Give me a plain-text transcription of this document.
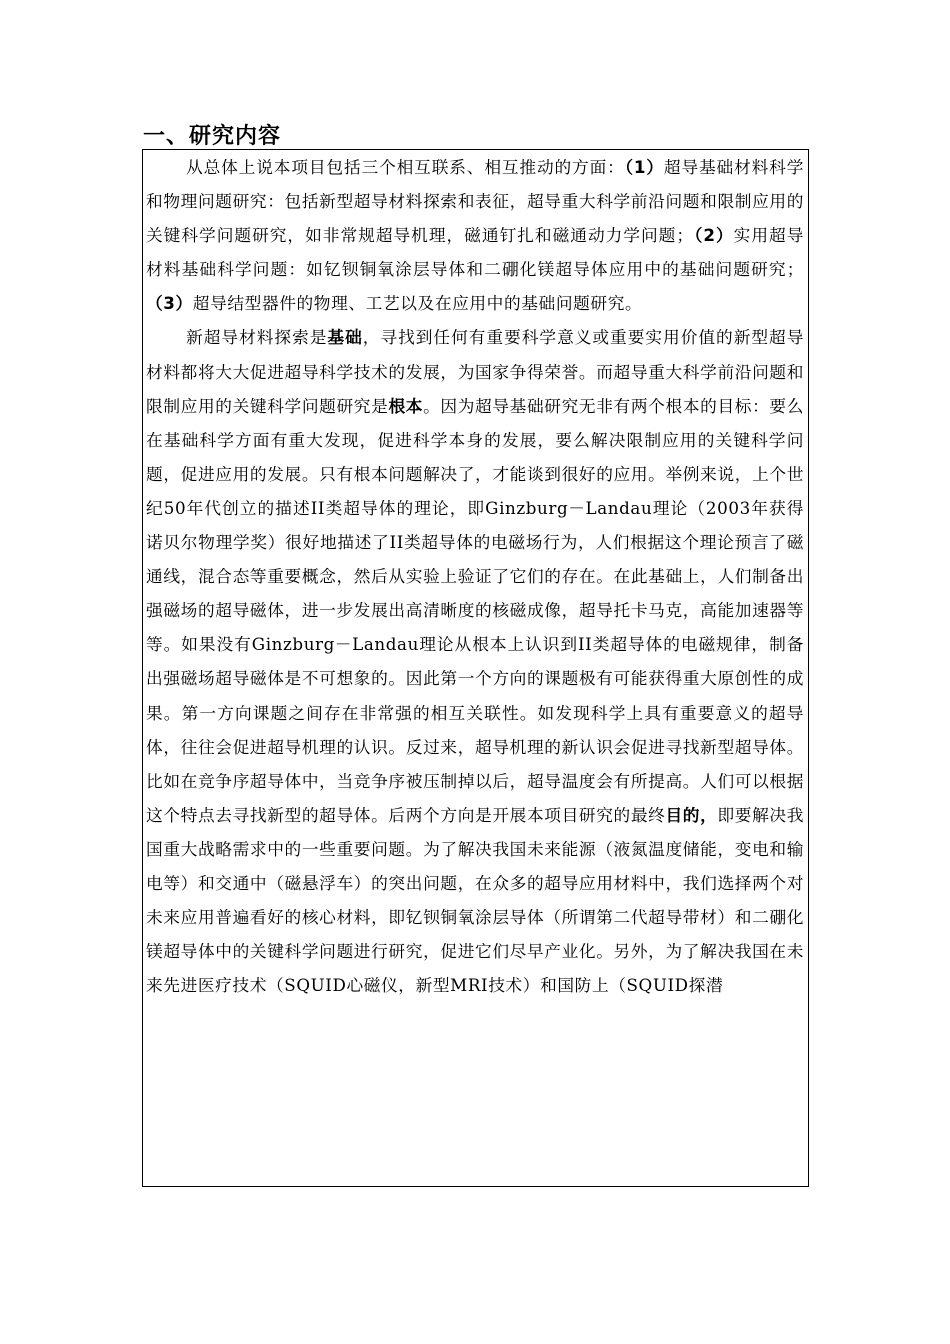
一、研究内容

从总体上说本项目包括三个相互联系、相互推动的方面：（1）超导基础材料科学和物理问题研究：包括新型超导材料探索和表征，超导重大科学前沿问题和限制应用的关键科学问题研究，如非常规超导机理，磁通钉扎和磁通动力学问题；（2）实用超导材料基础科学问题：如钇钡铜氧涂层导体和二硼化镁超导体应用中的基础问题研究；（3）超导结型器件的物理、工艺以及在应用中的基础问题研究。

新超导材料探索是基础，寻找到任何有重要科学意义或重要实用价值的新型超导材料都将大大促进超导科学技术的发展，为国家争得荣誉。而超导重大科学前沿问题和限制应用的关键科学问题研究是根本。因为超导基础研究无非有两个根本的目标：要么在基础科学方面有重大发现，促进科学本身的发展，要么解决限制应用的关键科学问题，促进应用的发展。只有根本问题解决了，才能谈到很好的应用。举例来说，上个世纪50年代创立的描述II类超导体的理论，即Ginzburg－Landau理论（2003年获得诺贝尔物理学奖）很好地描述了II类超导体的电磁场行为，人们根据这个理论预言了磁通线，混合态等重要概念，然后从实验上验证了它们的存在。在此基础上，人们制备出强磁场的超导磁体，进一步发展出高清晰度的核磁成像，超导托卡马克，高能加速器等等。如果没有Ginzburg－Landau理论从根本上认识到II类超导体的电磁规律，制备出强磁场超导磁体是不可想象的。因此第一个方向的课题极有可能获得重大原创性的成果。第一方向课题之间存在非常强的相互关联性。如发现科学上具有重要意义的超导体，往往会促进超导机理的认识。反过来，超导机理的新认识会促进寻找新型超导体。比如在竞争序超导体中，当竞争序被压制掉以后，超导温度会有所提高。人们可以根据这个特点去寻找新型的超导体。后两个方向是开展本项目研究的最终目的，即要解决我国重大战略需求中的一些重要问题。为了解决我国未来能源（液氮温度储能，变电和输电等）和交通中（磁悬浮车）的突出问题，在众多的超导应用材料中，我们选择两个对未来应用普遍看好的核心材料，即钇钡铜氧涂层导体（所谓第二代超导带材）和二硼化镁超导体中的关键科学问题进行研究，促进它们尽早产业化。另外，为了解决我国在未来先进医疗技术（SQUID心磁仪，新型MRI技术）和国防上（SQUID探潜
